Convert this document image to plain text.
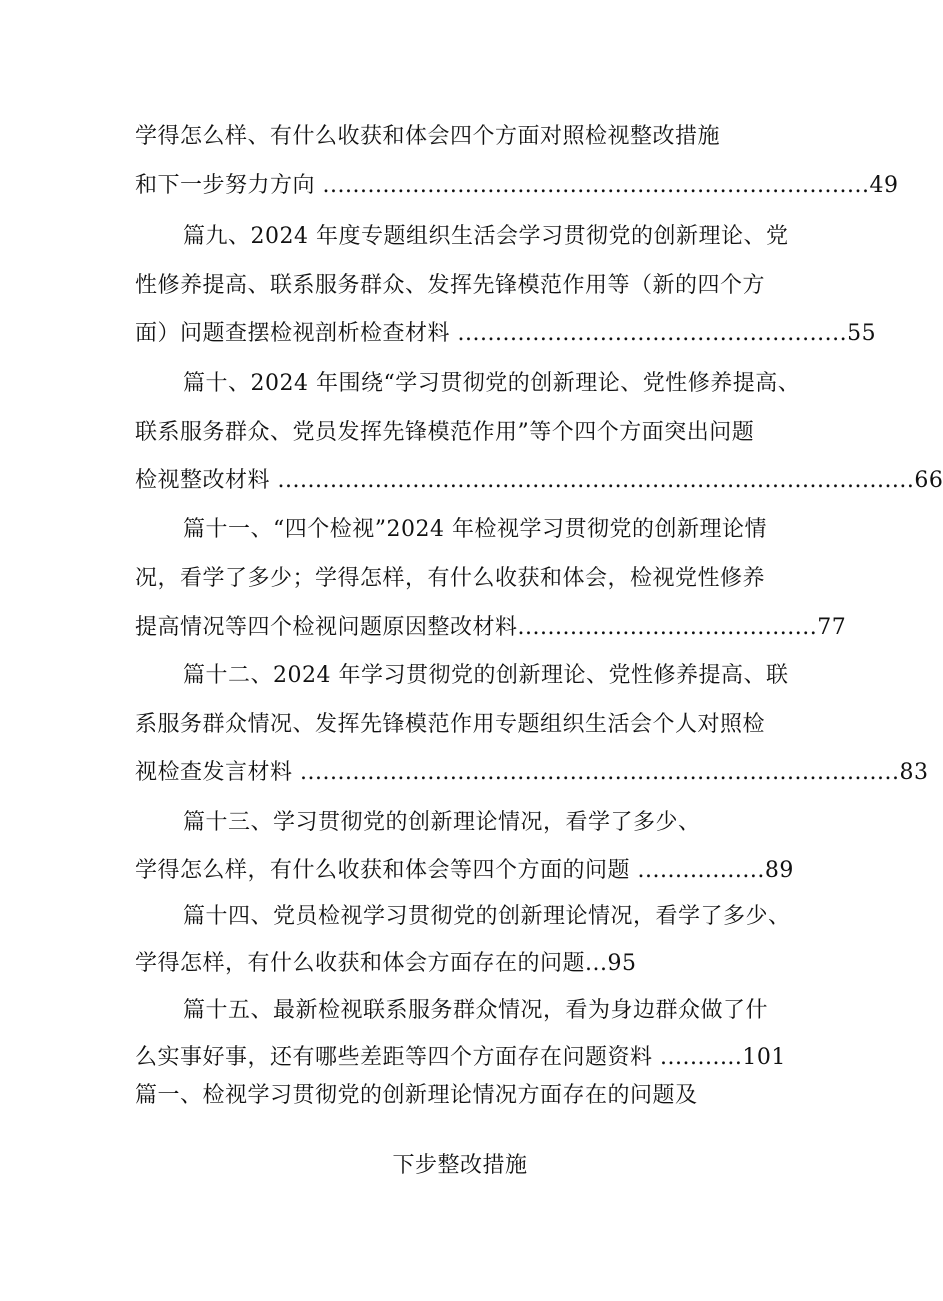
学得怎么样、有什么收获和体会四个方面对照检视整改措施
和下一步努力方向 .........................................................................49
篇九、2024 年度专题组织生活会学习贯彻党的创新理论、党
性修养提高、联系服务群众、发挥先锋模范作用等（新的四个方
面）问题查摆检视剖析检查材料 ....................................................55
篇十、2024 年围绕“学习贯彻党的创新理论、党性修养提高、
联系服务群众、党员发挥先锋模范作用”等个四个方面突出问题
检视整改材料 .....................................................................................66
篇十一、“四个检视”2024 年检视学习贯彻党的创新理论情
况，看学了多少；学得怎样，有什么收获和体会，检视党性修养
提高情况等四个检视问题原因整改材料........................................77
篇十二、2024 年学习贯彻党的创新理论、党性修养提高、联
系服务群众情况、发挥先锋模范作用专题组织生活会个人对照检
视检查发言材料 ................................................................................83
篇十三、学习贯彻党的创新理论情况，看学了多少、
学得怎么样，有什么收获和体会等四个方面的问题 .................89
篇十四、党员检视学习贯彻党的创新理论情况，看学了多少、
学得怎样，有什么收获和体会方面存在的问题...95
篇十五、最新检视联系服务群众情况，看为身边群众做了什
么实事好事，还有哪些差距等四个方面存在问题资料 ...........101
篇一、检视学习贯彻党的创新理论情况方面存在的问题及
下步整改措施
